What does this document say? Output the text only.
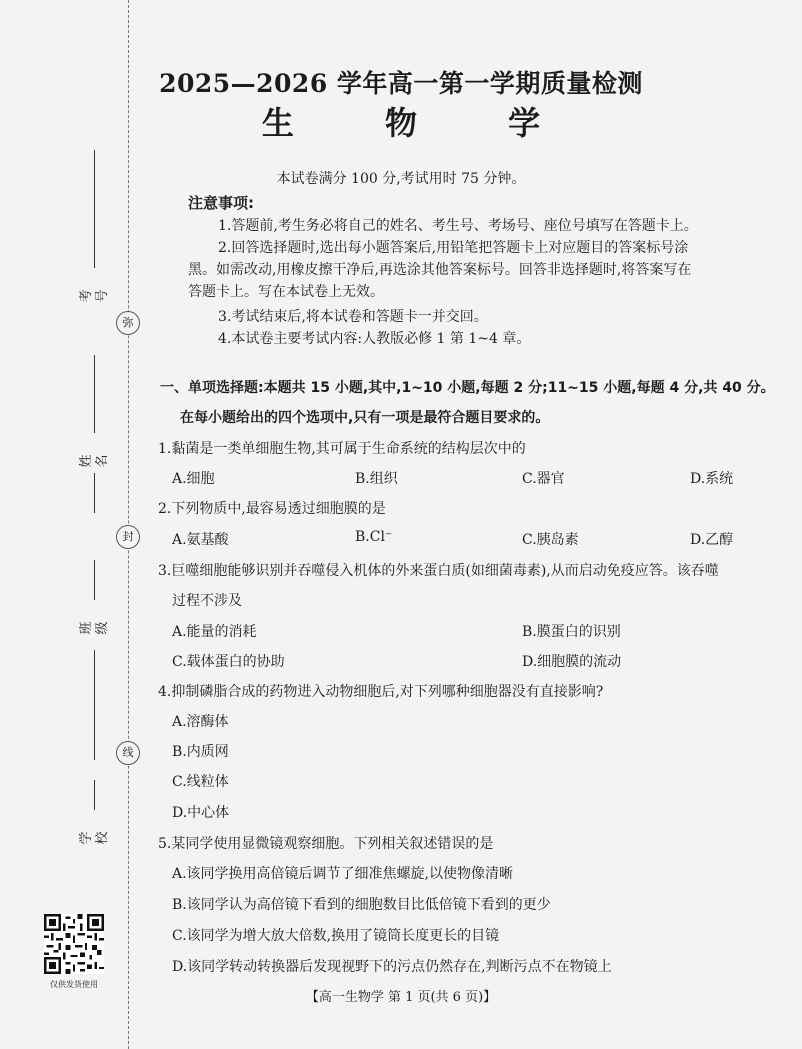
考号
弥
姓名
封
班级
线
学校
仅供发货使用
2025—2026 学年高一第一学期质量检测
生 物 学
本试卷满分 100 分,考试用时 75 分钟。
注意事项:
1.答题前,考生务必将自己的姓名、考生号、考场号、座位号填写在答题卡上。
2.回答选择题时,选出每小题答案后,用铅笔把答题卡上对应题目的答案标号涂
黑。如需改动,用橡皮擦干净后,再选涂其他答案标号。回答非选择题时,将答案写在
答题卡上。写在本试卷上无效。
3.考试结束后,将本试卷和答题卡一并交回。
4.本试卷主要考试内容:人教版必修 1 第 1~4 章。
一、单项选择题:本题共 15 小题,其中,1~10 小题,每题 2 分;11~15 小题,每题 4 分,共 40 分。
在每小题给出的四个选项中,只有一项是最符合题目要求的。
1.黏菌是一类单细胞生物,其可属于生命系统的结构层次中的
A.细胞	B.组织	C.器官	D.系统
2.下列物质中,最容易透过细胞膜的是
A.氨基酸	B.Cl⁻	C.胰岛素	D.乙醇
3.巨噬细胞能够识别并吞噬侵入机体的外来蛋白质(如细菌毒素),从而启动免疫应答。该吞噬
过程不涉及
A.能量的消耗	B.膜蛋白的识别
C.载体蛋白的协助	D.细胞膜的流动
4.抑制磷脂合成的药物进入动物细胞后,对下列哪种细胞器没有直接影响?
A.溶酶体
B.内质网
C.线粒体
D.中心体
5.某同学使用显微镜观察细胞。下列相关叙述错误的是
A.该同学换用高倍镜后调节了细准焦螺旋,以使物像清晰
B.该同学认为高倍镜下看到的细胞数目比低倍镜下看到的更少
C.该同学为增大放大倍数,换用了镜筒长度更长的目镜
D.该同学转动转换器后发现视野下的污点仍然存在,判断污点不在物镜上
【高一生物学 第 1 页(共 6 页)】
